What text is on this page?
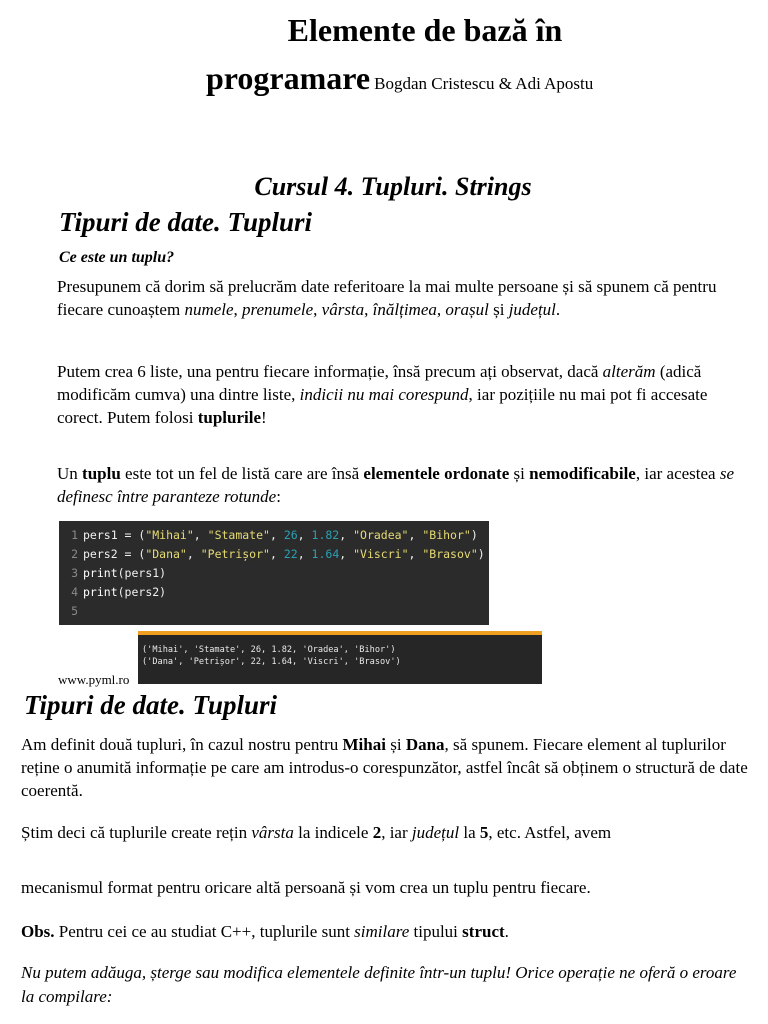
Elemente de bază în
programare Bogdan Cristescu & Adi Apostu
Cursul 4. Tupluri. Strings
Tipuri de date. Tupluri
Ce este un tuplu?
Presupunem că dorim să prelucrăm date referitoare la mai multe persoane și să spunem că pentru fiecare cunoaștem numele, prenumele, vârsta, înălțimea, orașul și județul.
Putem crea 6 liste, una pentru fiecare informație, însă precum ați observat, dacă alterăm (adică modificăm cumva) una dintre liste, indicii nu mai corespund, iar pozițiile nu mai pot fi accesate corect. Putem folosi tuplurile!
Un tuplu este tot un fel de listă care are însă elementele ordonate și nemodificabile, iar acestea se definesc între paranteze rotunde:
1 pers1 = ("Mihai", "Stamate", 26, 1.82, "Oradea", "Bihor")
2 pers2 = ("Dana", "Petrișor", 22, 1.64, "Viscri", "Brasov")
3 print(pers1)
4 print(pers2)
5
('Mihai', 'Stamate', 26, 1.82, 'Oradea', 'Bihor')
('Dana', 'Petrișor', 22, 1.64, 'Viscri', 'Brasov')
www.pyml.ro
Tipuri de date. Tupluri
Am definit două tupluri, în cazul nostru pentru Mihai și Dana, să spunem. Fiecare element al tuplurilor reține o anumită informație pe care am introdus-o corespunzător, astfel încât să obținem o structură de date coerentă.
Știm deci că tuplurile create rețin vârsta la indicele 2, iar județul la 5, etc. Astfel, avem
mecanismul format pentru oricare altă persoană și vom crea un tuplu pentru fiecare.
Obs. Pentru cei ce au studiat C++, tuplurile sunt similare tipului struct.
Nu putem adăuga, șterge sau modifica elementele definite într-un tuplu! Orice operație ne oferă o eroare la compilare:
